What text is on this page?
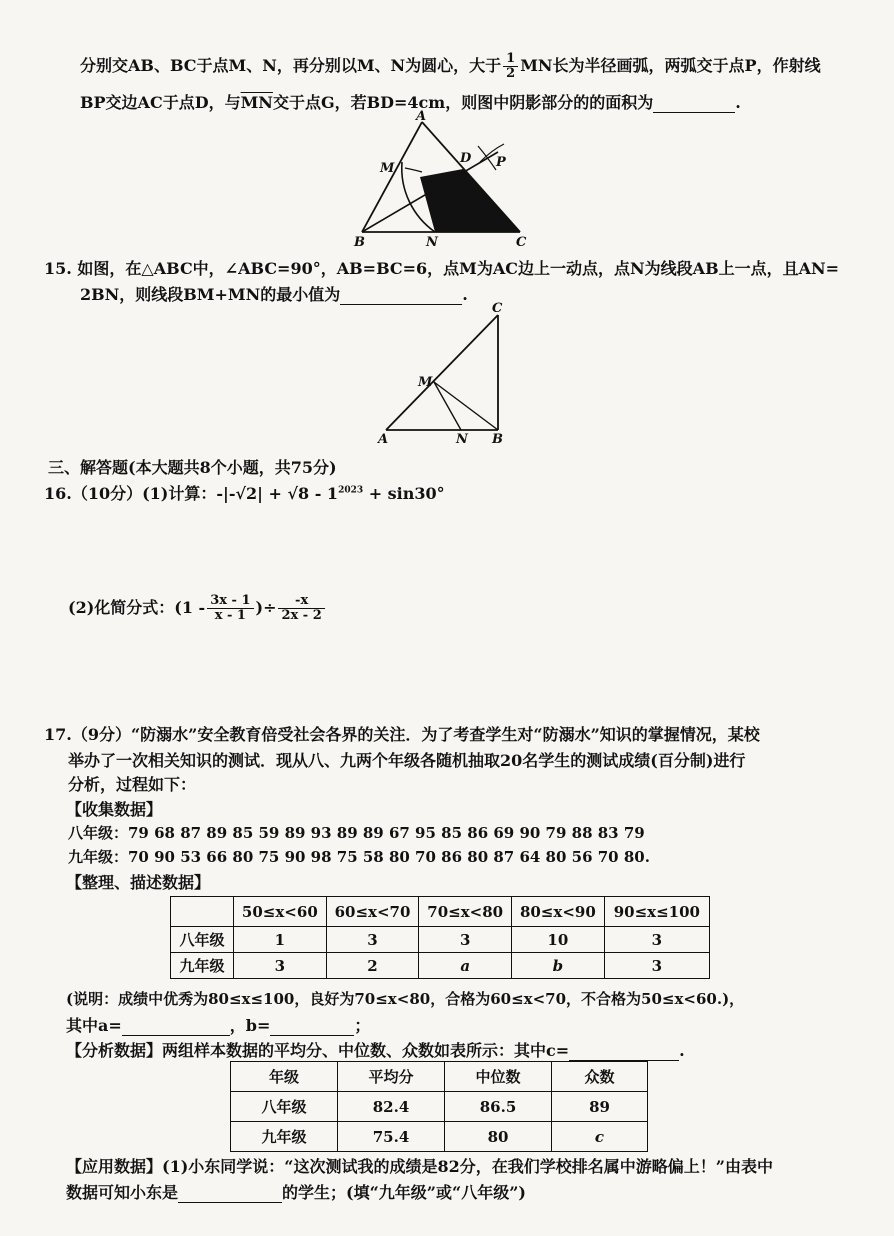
分别交AB、BC于点M、N，再分别以M、N为圆心，大于 $\frac{1}{2}$ MN长为半径画弧，两弧交于点P，作射线
BP交边AC于点D，与$\overline{MN}$交于点G，若BD=4cm，则图中阴影部分的的面积为	.
A
M
G
D P
B	N	C
15. 如图，在△ABC中，∠ABC=90°，AB=BC=6，点M为AC边上一动点，点N为线段AB上一点，且AN=
2BN，则线段BM+MN的最小值为	.
C
M
A	N B
三、解答题(本大题共8个小题，共75分)
16.（10分）(1)计算：$-|-√2| + √8 - 1^{2023} + \sin 30^\circ$
(2)化简分式：($1 - \frac{3x - 1}{x - 1}$ )÷ $\frac{-x}{2x - 2}$
17.（9分）“防溺水”安全教育倍受社会各界的关注．为了考查学生对“防溺水”知识的掌握情况，某校
举办了一次相关知识的测试．现从八、九两个年级各随机抽取20名学生的测试成绩(百分制)进行
分析，过程如下：
【收集数据】
八年级：79 68 87 89 85 59 89 93 89 89 67 95 85 86 69 90 79 88 83 79
九年级：70 90 53 66 80 75 90 98 75 58 80 70 86 80 87 64 80 56 70 80.
【整理、描述数据】
	50≤x<60	60≤x<70	70≤x<80	80≤x<90	90≤x≤100
八年级	1	3	3	10	3
九年级	3	2	a	b	3
(说明：成绩中优秀为80≤x≤100，良好为70≤x<80，合格为60≤x<70，不合格为50≤x<60.)，
其中a=	，b=	；
【分析数据】两组样本数据的平均分、中位数、众数如表所示：其中c=	.
年级	平均分	中位数	众数
八年级	82.4	86.5	89
九年级	75.4	80	c
【应用数据】(1)小东同学说：“这次测试我的成绩是82分，在我们学校排名属中游略偏上！”由表中
数据可知小东是	的学生；(填“九年级”或“八年级”)
